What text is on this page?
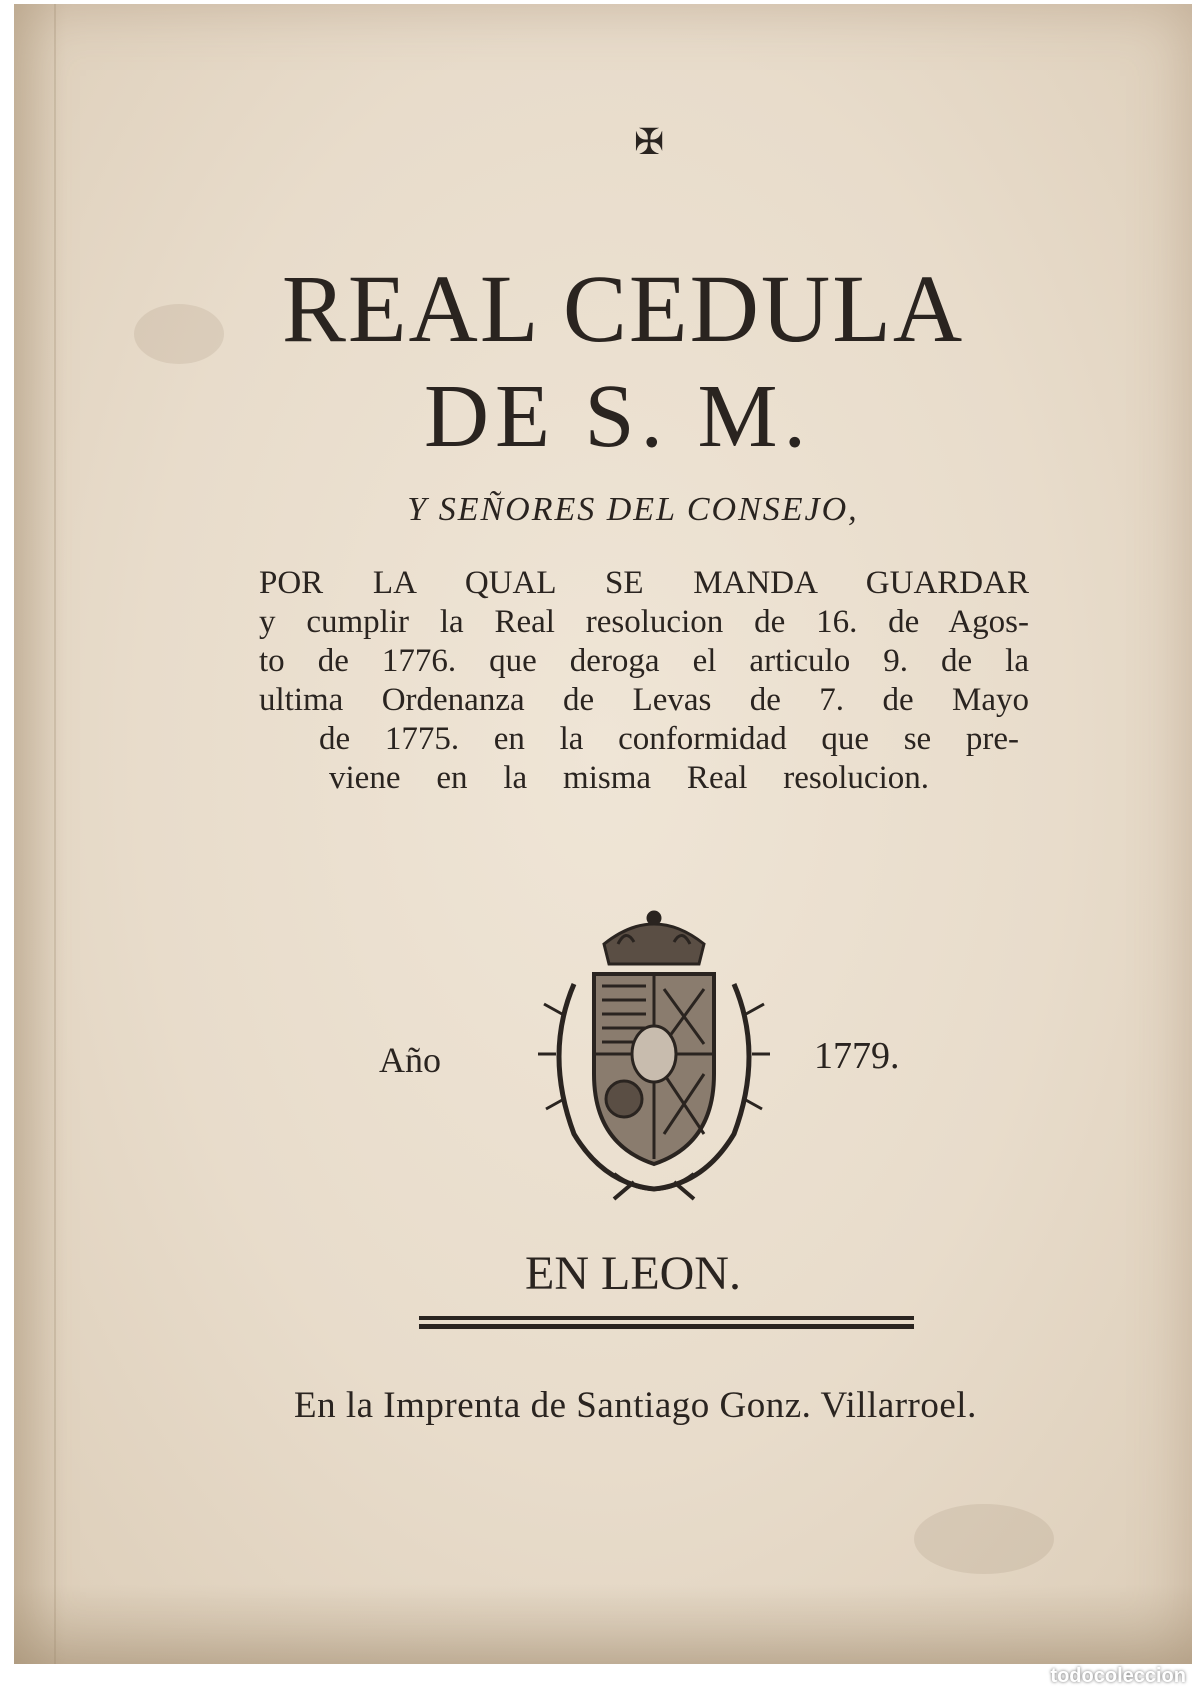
✠
REAL CEDULA
DE S. M.
Y SEÑORES DEL CONSEJO,
POR LA QUAL SE MANDA GUARDAR
y cumplir la Real resolucion de 16. de Agos-
to de 1776. que deroga el articulo 9. de la
ultima Ordenanza de Levas de 7. de Mayo
de 1775. en la conformidad que se pre-
viene en la misma Real resolucion.
Año	1779.
EN LEON.
En la Imprenta de Santiago Gonz. Villarroel.
todocoleccion
